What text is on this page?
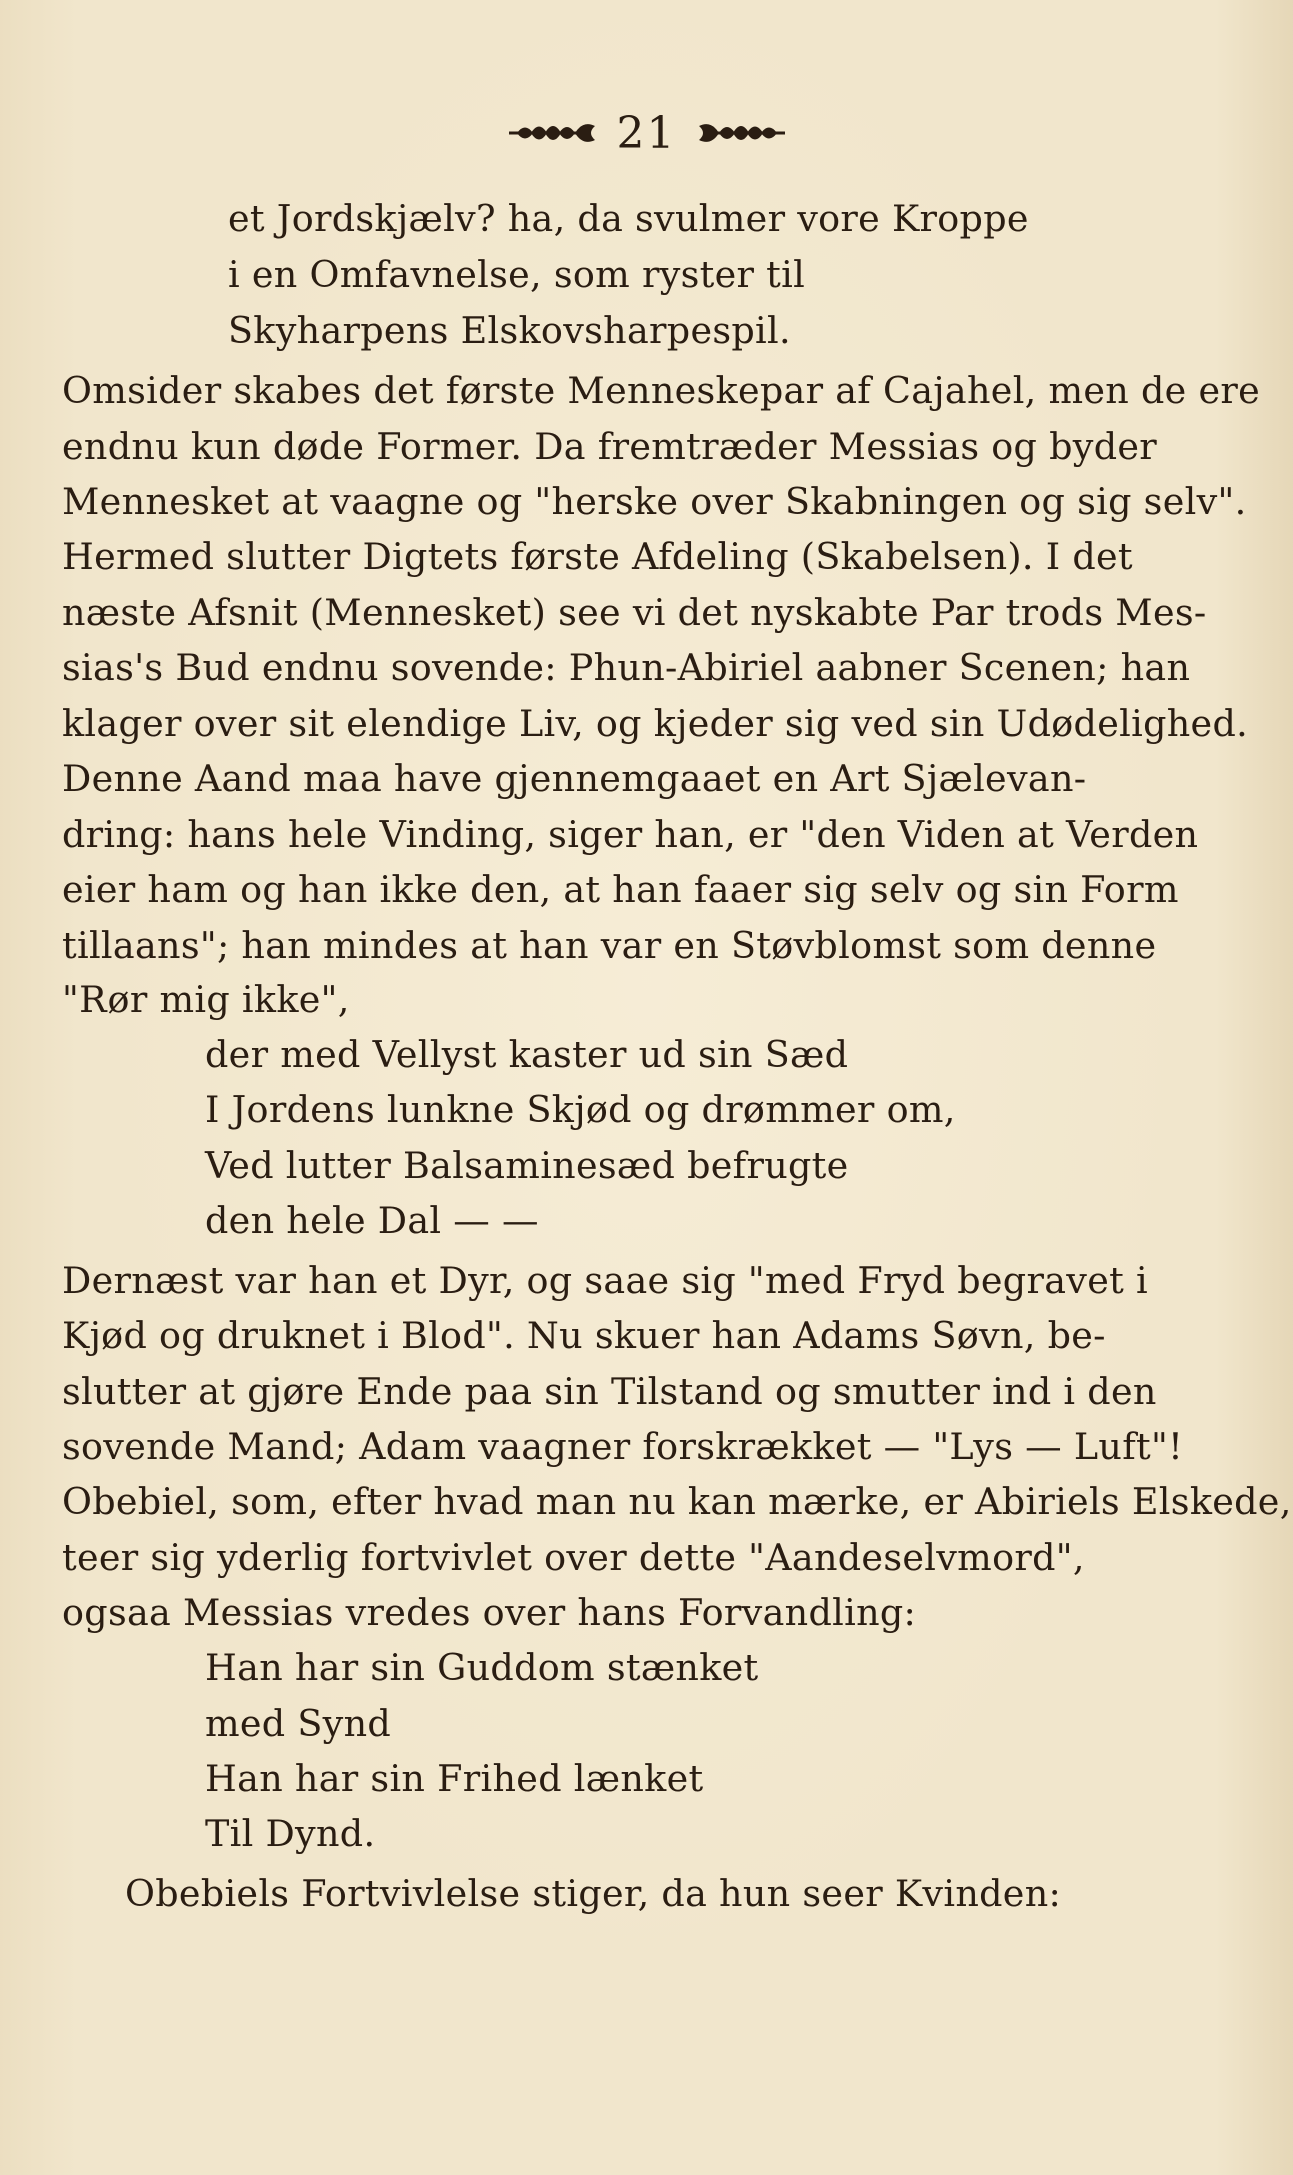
21
et Jordskjælv? ha, da svulmer vore Kroppe
i en Omfavnelse, som ryster til
Skyharpens Elskovsharpespil.
Omsider skabes det første Menneskepar af Cajahel, men de ere
endnu kun døde Former. Da fremtræder Messias og byder
Mennesket at vaagne og "herske over Skabningen og sig selv".
Hermed slutter Digtets første Afdeling (Skabelsen). I det
næste Afsnit (Mennesket) see vi det nyskabte Par trods Mes-
sias's Bud endnu sovende: Phun-Abiriel aabner Scenen; han
klager over sit elendige Liv, og kjeder sig ved sin Udødelighed.
Denne Aand maa have gjennemgaaet en Art Sjælevan-
dring: hans hele Vinding, siger han, er "den Viden at Verden
eier ham og han ikke den, at han faaer sig selv og sin Form
tillaans"; han mindes at han var en Støvblomst som denne
"Rør mig ikke",
der med Vellyst kaster ud sin Sæd
I Jordens lunkne Skjød og drømmer om,
Ved lutter Balsaminesæd befrugte
den hele Dal — —
Dernæst var han et Dyr, og saae sig "med Fryd begravet i
Kjød og druknet i Blod". Nu skuer han Adams Søvn, be-
slutter at gjøre Ende paa sin Tilstand og smutter ind i den
sovende Mand; Adam vaagner forskrækket — "Lys — Luft"!
Obebiel, som, efter hvad man nu kan mærke, er Abiriels Elskede,
teer sig yderlig fortvivlet over dette "Aandeselvmord",
ogsaa Messias vredes over hans Forvandling:
Han har sin Guddom stænket
med Synd
Han har sin Frihed lænket
Til Dynd.
Obebiels Fortvivlelse stiger, da hun seer Kvinden:
